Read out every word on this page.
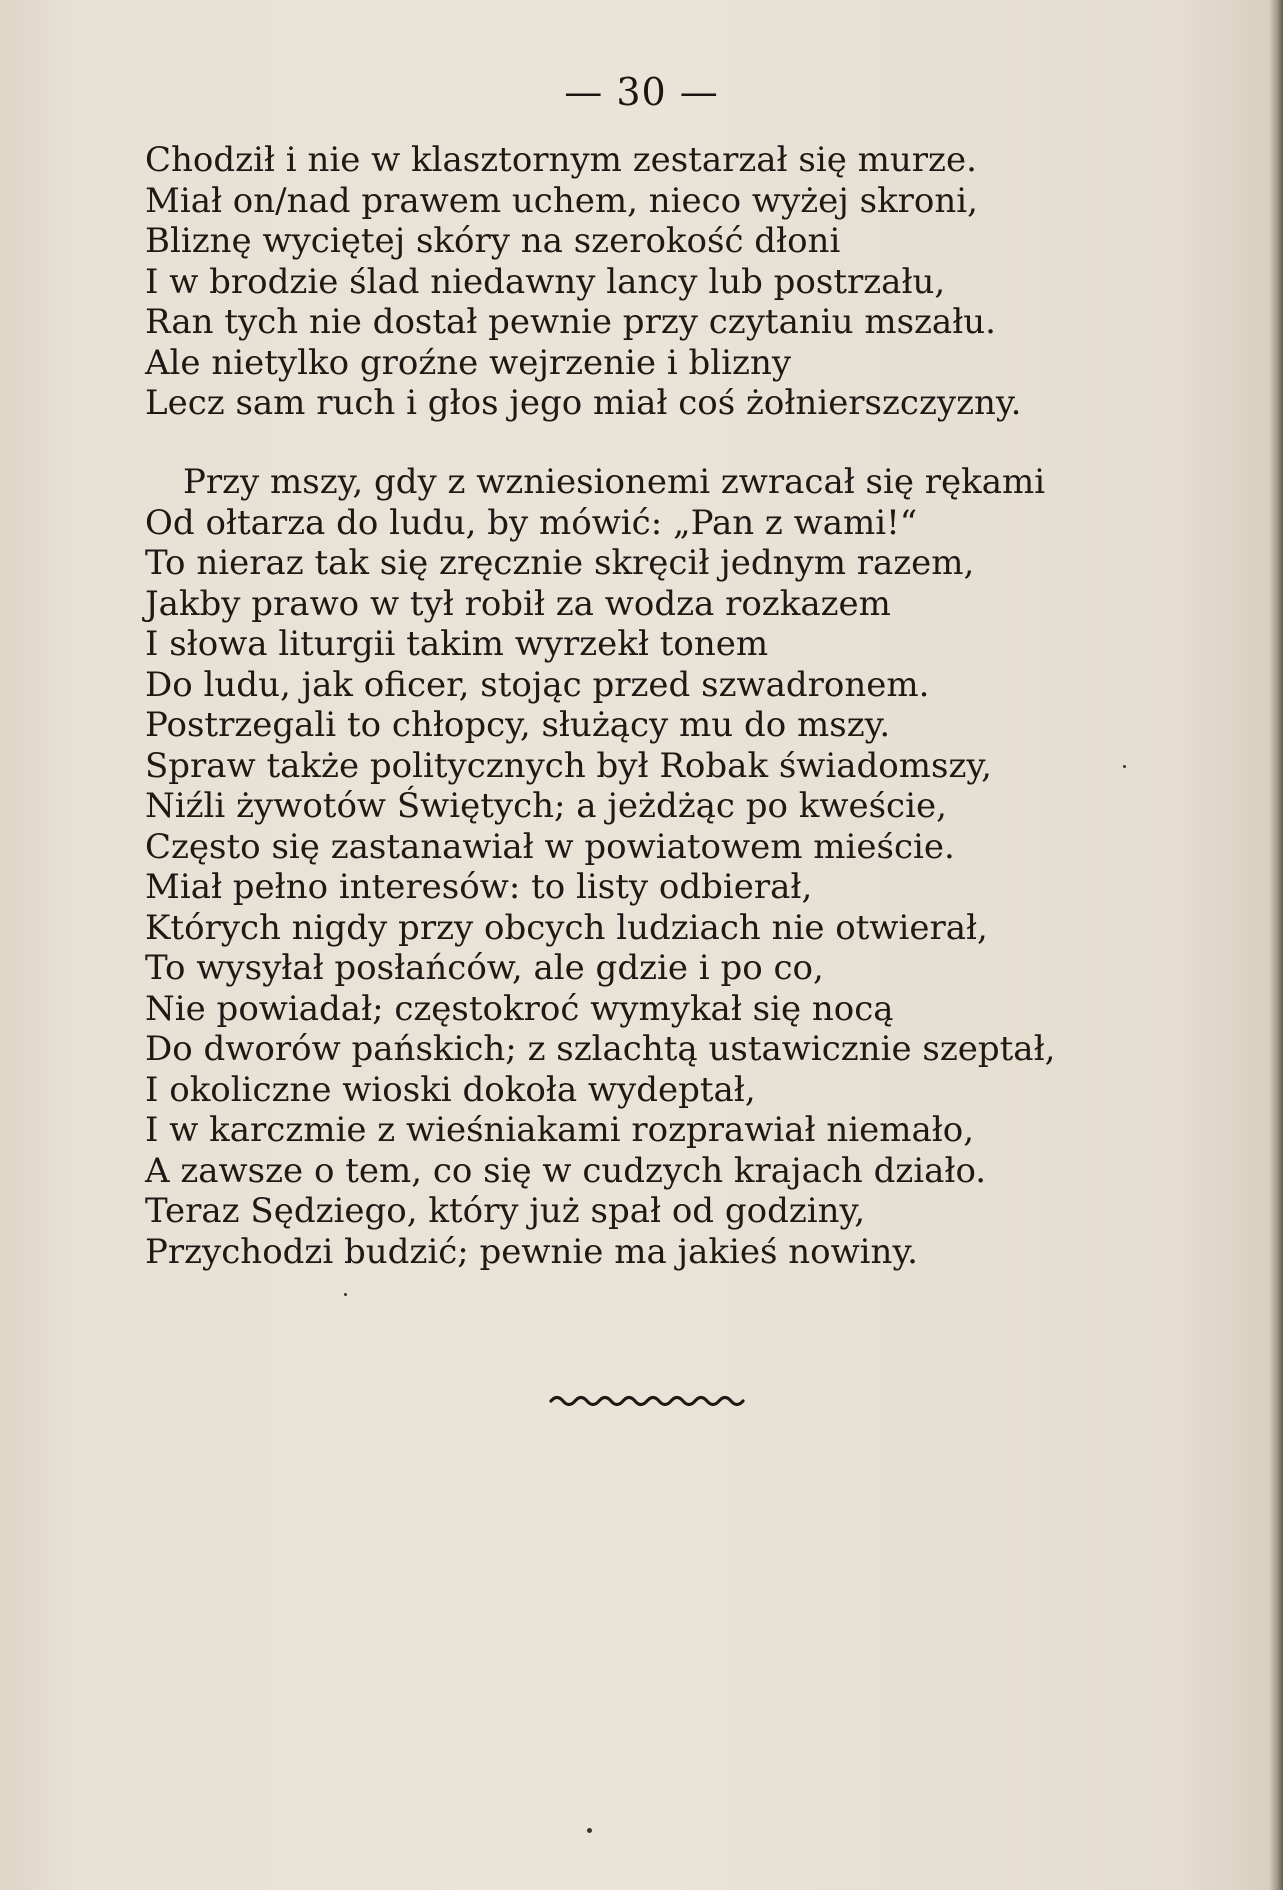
— 30 —
Chodził i nie w klasztornym zestarzał się murze.
Miał on/nad prawem uchem, nieco wyżej skroni,
Bliznę wyciętej skóry na szerokość dłoni
I w brodzie ślad niedawny lancy lub postrzału,
Ran tych nie dostał pewnie przy czytaniu mszału.
Ale nietylko groźne wejrzenie i blizny
Lecz sam ruch i głos jego miał coś żołnierszczyzny.
Przy mszy, gdy z wzniesionemi zwracał się rękami
Od ołtarza do ludu, by mówić: „Pan z wami!“
To nieraz tak się zręcznie skręcił jednym razem,
Jakby prawo w tył robił za wodza rozkazem
I słowa liturgii takim wyrzekł tonem
Do ludu, jak oficer, stojąc przed szwadronem.
Postrzegali to chłopcy, służący mu do mszy.
Spraw także politycznych był Robak świadomszy,
Niźli żywotów Świętych; a jeżdżąc po kweście,
Często się zastanawiał w powiatowem mieście.
Miał pełno interesów: to listy odbierał,
Których nigdy przy obcych ludziach nie otwierał,
To wysyłał posłańców, ale gdzie i po co,
Nie powiadał; częstokroć wymykał się nocą
Do dworów pańskich; z szlachtą ustawicznie szeptał,
I okoliczne wioski dokoła wydeptał,
I w karczmie z wieśniakami rozprawiał niemało,
A zawsze o tem, co się w cudzych krajach działo.
Teraz Sędziego, który już spał od godziny,
Przychodzi budzić; pewnie ma jakieś nowiny.
